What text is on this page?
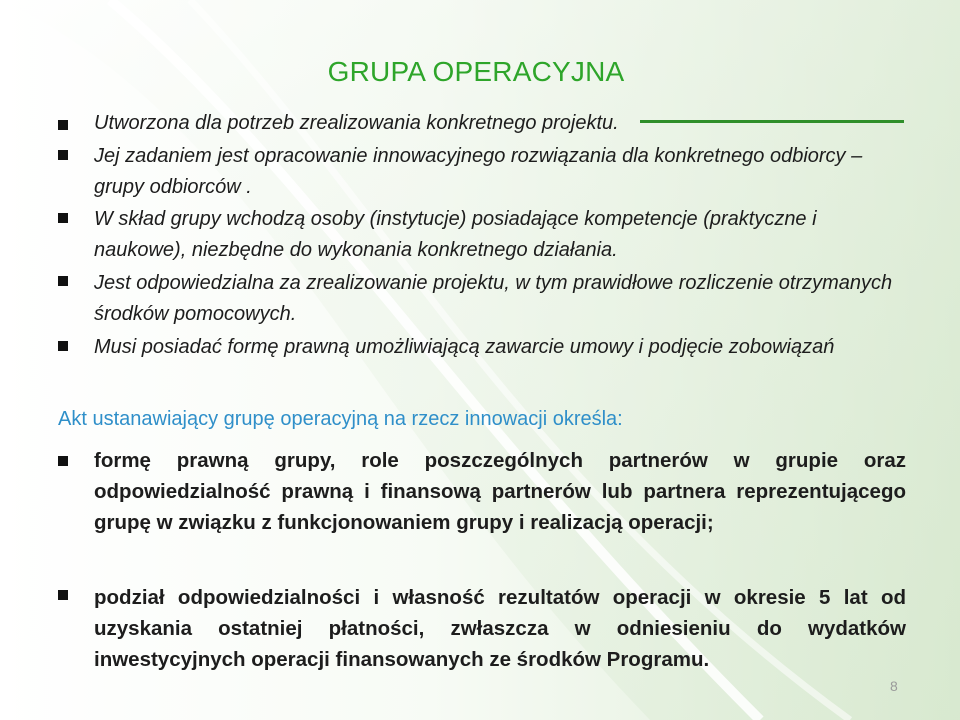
GRUPA OPERACYJNA
Utworzona dla potrzeb zrealizowania konkretnego projektu.
Jej zadaniem jest opracowanie innowacyjnego rozwiązania dla konkretnego odbiorcy – grupy odbiorców .
W skład grupy wchodzą osoby (instytucje) posiadające kompetencje (praktyczne i naukowe), niezbędne do wykonania konkretnego działania.
Jest odpowiedzialna za zrealizowanie projektu, w tym prawidłowe rozliczenie otrzymanych środków pomocowych.
Musi posiadać formę prawną umożliwiającą zawarcie umowy i podjęcie zobowiązań
Akt ustanawiający grupę operacyjną na rzecz innowacji określa:
formę prawną grupy, role poszczególnych partnerów w grupie oraz odpowiedzialność prawną i finansową partnerów lub partnera reprezentującego grupę w związku z funkcjonowaniem grupy i realizacją operacji;
podział odpowiedzialności i własność rezultatów operacji w okresie 5 lat od uzyskania ostatniej płatności, zwłaszcza w odniesieniu do wydatków inwestycyjnych operacji finansowanych ze środków Programu.
8
